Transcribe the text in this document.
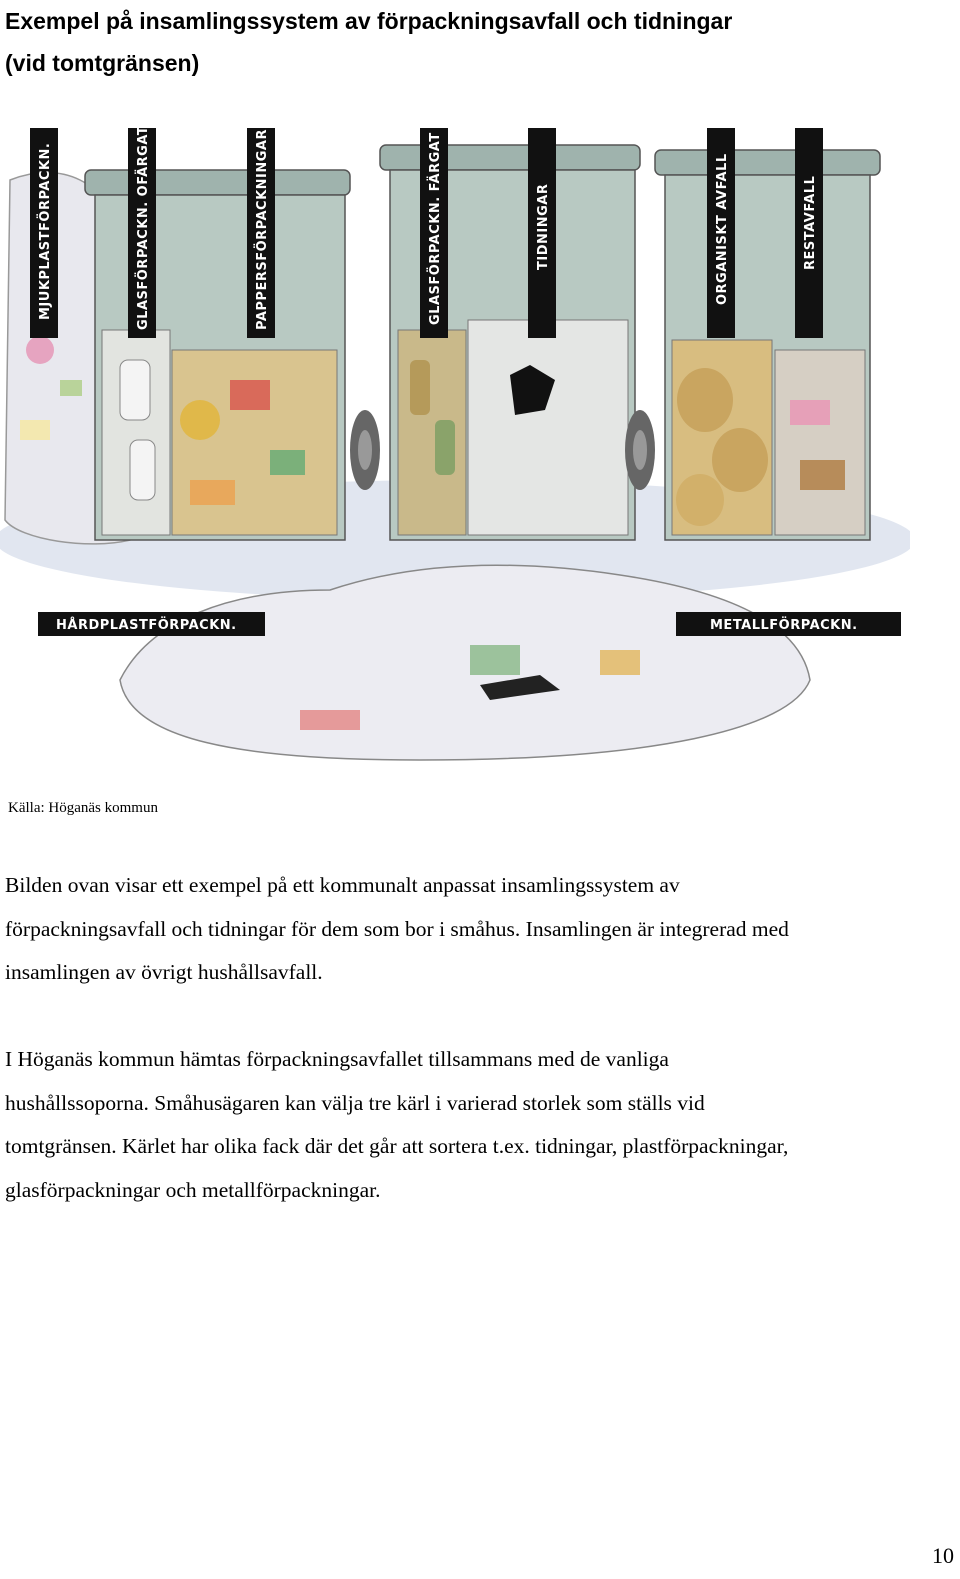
Exempel på insamlingssystem av förpackningsavfall och tidningar
(vid tomtgränsen)
MJUKPLASTFÖRPACKN.	GLASFÖRPACKN. OFÄRGAT	PAPPERSFÖRPACKNINGAR	GLASFÖRPACKN. FÄRGAT	TIDNINGAR	ORGANISKT AVFALL	RESTAVFALL
HÅRDPLASTFÖRPACKN.	METALLFÖRPACKN.
Källa: Höganäs kommun

Bilden ovan visar ett exempel på ett kommunalt anpassat insamlingssystem av
förpackningsavfall och tidningar för dem som bor i småhus. Insamlingen är integrerad med
insamlingen av övrigt hushållsavfall.

I Höganäs kommun hämtas förpackningsavfallet tillsammans med de vanliga
hushållssoporna. Småhusägaren kan välja tre kärl i varierad storlek som ställs vid
tomtgränsen. Kärlet har olika fack där det går att sortera t.ex. tidningar, plastförpackningar,
glasförpackningar och metallförpackningar.

10
